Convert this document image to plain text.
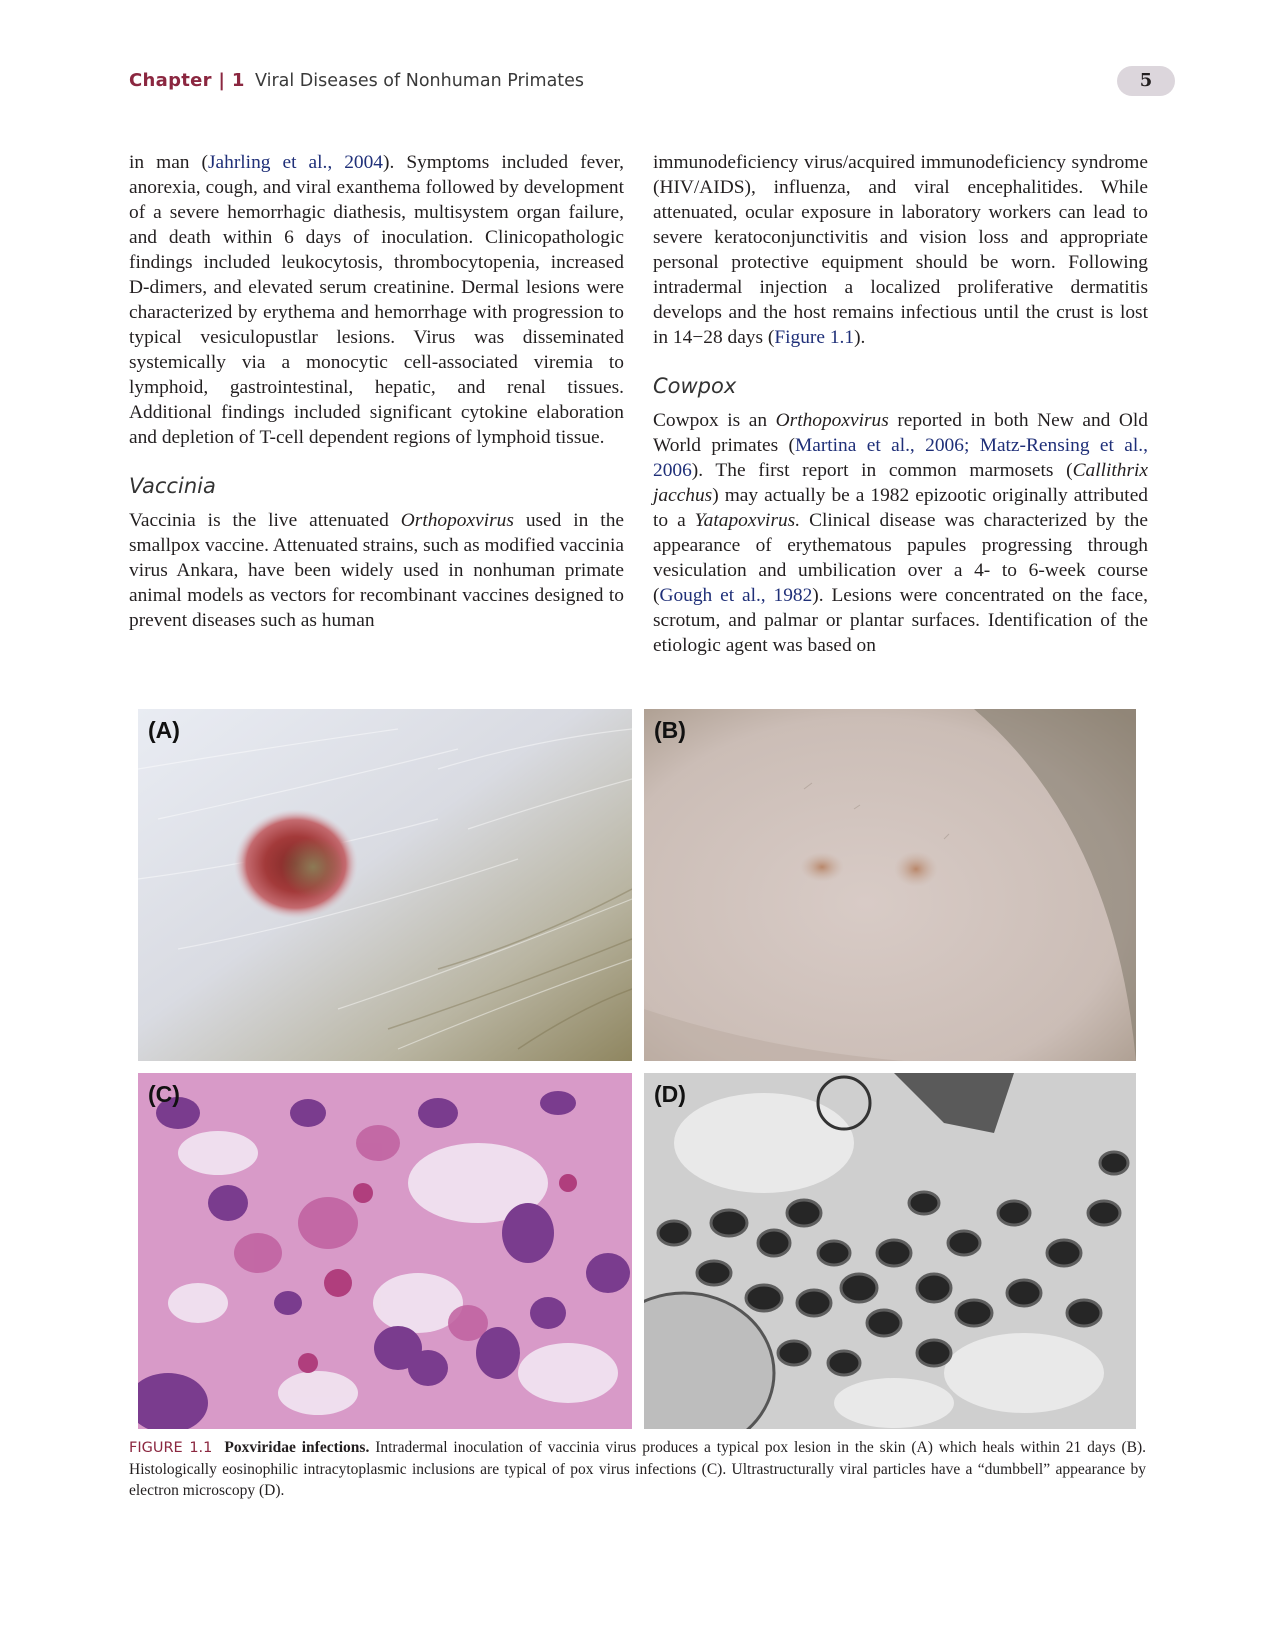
Chapter | 1 Viral Diseases of Nonhuman Primates	5

in man (Jahrling et al., 2004). Symptoms included fever, anorexia, cough, and viral exanthema followed by development of a severe hemorrhagic diathesis, multisystem organ failure, and death within 6 days of inoculation. Clinicopathologic findings included leukocytosis, thrombocytopenia, increased D-dimers, and elevated serum creatinine. Dermal lesions were characterized by erythema and hemorrhage with progression to typical vesiculopustlar lesions. Virus was disseminated systemically via a monocytic cell-associated viremia to lymphoid, gastrointestinal, hepatic, and renal tissues. Additional findings included significant cytokine elaboration and depletion of T-cell dependent regions of lymphoid tissue.

Vaccinia

Vaccinia is the live attenuated Orthopoxvirus used in the smallpox vaccine. Attenuated strains, such as modified vaccinia virus Ankara, have been widely used in nonhuman primate animal models as vectors for recombinant vaccines designed to prevent diseases such as human

immunodeficiency virus/acquired immunodeficiency syndrome (HIV/AIDS), influenza, and viral encephalitides. While attenuated, ocular exposure in laboratory workers can lead to severe keratoconjunctivitis and vision loss and appropriate personal protective equipment should be worn. Following intradermal injection a localized proliferative dermatitis develops and the host remains infectious until the crust is lost in 14−28 days (Figure 1.1).

Cowpox

Cowpox is an Orthopoxvirus reported in both New and Old World primates (Martina et al., 2006; Matz-Rensing et al., 2006). The first report in common marmosets (Callithrix jacchus) may actually be a 1982 epizootic originally attributed to a Yatapoxvirus. Clinical disease was characterized by the appearance of erythematous papules progressing through vesiculation and umbilication over a 4- to 6-week course (Gough et al., 1982). Lesions were concentrated on the face, scrotum, and palmar or plantar surfaces. Identification of the etiologic agent was based on

(A)	(B)
(C)	(D)
FIGURE 1.1 Poxviridae infections. Intradermal inoculation of vaccinia virus produces a typical pox lesion in the skin (A) which heals within 21 days (B). Histologically eosinophilic intracytoplasmic inclusions are typical of pox virus infections (C). Ultrastructurally viral particles have a “dumbbell” appearance by electron microscopy (D).
